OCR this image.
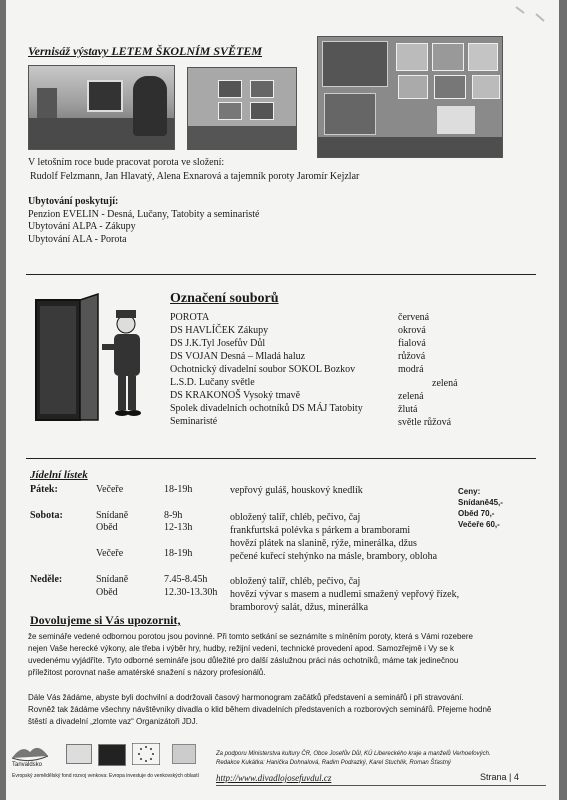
Vernisáž výstavy LETEM ŠKOLNÍM SVĚTEM
V letošním roce bude pracovat porota ve složení:
Rudolf Felzmann, Jan Hlavatý, Alena Exnarová a tajemník poroty Jaromír Kejzlar
Ubytování poskytují:
Penzion EVELIN - Desná, Lučany, Tatobity a seminaristé
Ubytování ALPA - Zákupy
Ubytování ALA - Porota
Označení souborů
POROTA	červená
DS HAVLÍČEK Zákupy	okrová
DS J.K.Tyl Josefův Důl	fialová
DS VOJAN Desná – Mladá haluz	růžová
Ochotnický divadelní soubor SOKOL Bozkov	modrá
L.S.D. Lučany světle	zelená
DS KRAKONOŠ Vysoký tmavě	zelená
Spolek divadelních ochotníků DS MÁJ Tatobity	žlutá
Seminaristé	světle růžová
Jídelní lístek
Pátek:	Večeře	18-19h	vepřový guláš, houskový knedlík	Ceny:
Snídaně45,-
Oběd 70,-
Večeře 60,-
Sobota:	Snídaně	8-9h	obložený talíř, chléb, pečivo, čaj
Oběd	12-13h	frankfurtská polévka s párkem a bramborami
hovězí plátek na slanině, rýže, minerálka, džus
Večeře	18-19h	pečené kuřecí stehýnko na másle, brambory, obloha
Neděle:	Snídaně	7.45-8.45h obložený talíř, chléb, pečivo, čaj
Oběd	12.30-13.30h hovězí vývar s masem a nudlemi smažený vepřový řízek,
bramborový salát, džus, minerálka
Dovolujeme si Vás upozornit,
že semináře vedené odbornou porotou jsou povinné. Při tomto setkání se seznámíte s míněním poroty, která s Vámi rozebere
nejen Vaše herecké výkony, ale třeba i výběr hry, hudby, režijní vedení, technické provedení apod. Samozřejmě i Vy se k
uvedenému vyjádříte. Tyto odborné semináře jsou důležité pro další záslužnou práci nás ochotníků, máme tak jedinečnou
příležitost porovnat naše amatérské snažení s názory profesionálů.
Dále Vás žádáme, abyste byli dochvilní a dodržovali časový harmonogram začátků představení a seminářů i při stravování.
Rovněž tak žádáme všechny návštěvníky divadla o klid během divadelních představeních a rozborových seminářů. Přejeme hodně
štěstí a divadelní „zlomte vaz“ Organizátoři JDJ.
Tanvaldsko
Evropský zemědělský fond rozvoj venkova: Evropa investuje do venkovských oblastí
Za podporu Ministerstva kultury ČR, Obce Josefův Důl, KÚ Libereckého kraje a manželů Verhoefových.
Redakce Kukátka: Hanička Dohnalová, Radim Podrazký, Karel Stuchlík, Roman Šťastný
http://www.divadlojosefuvdul.cz	Strana | 4
